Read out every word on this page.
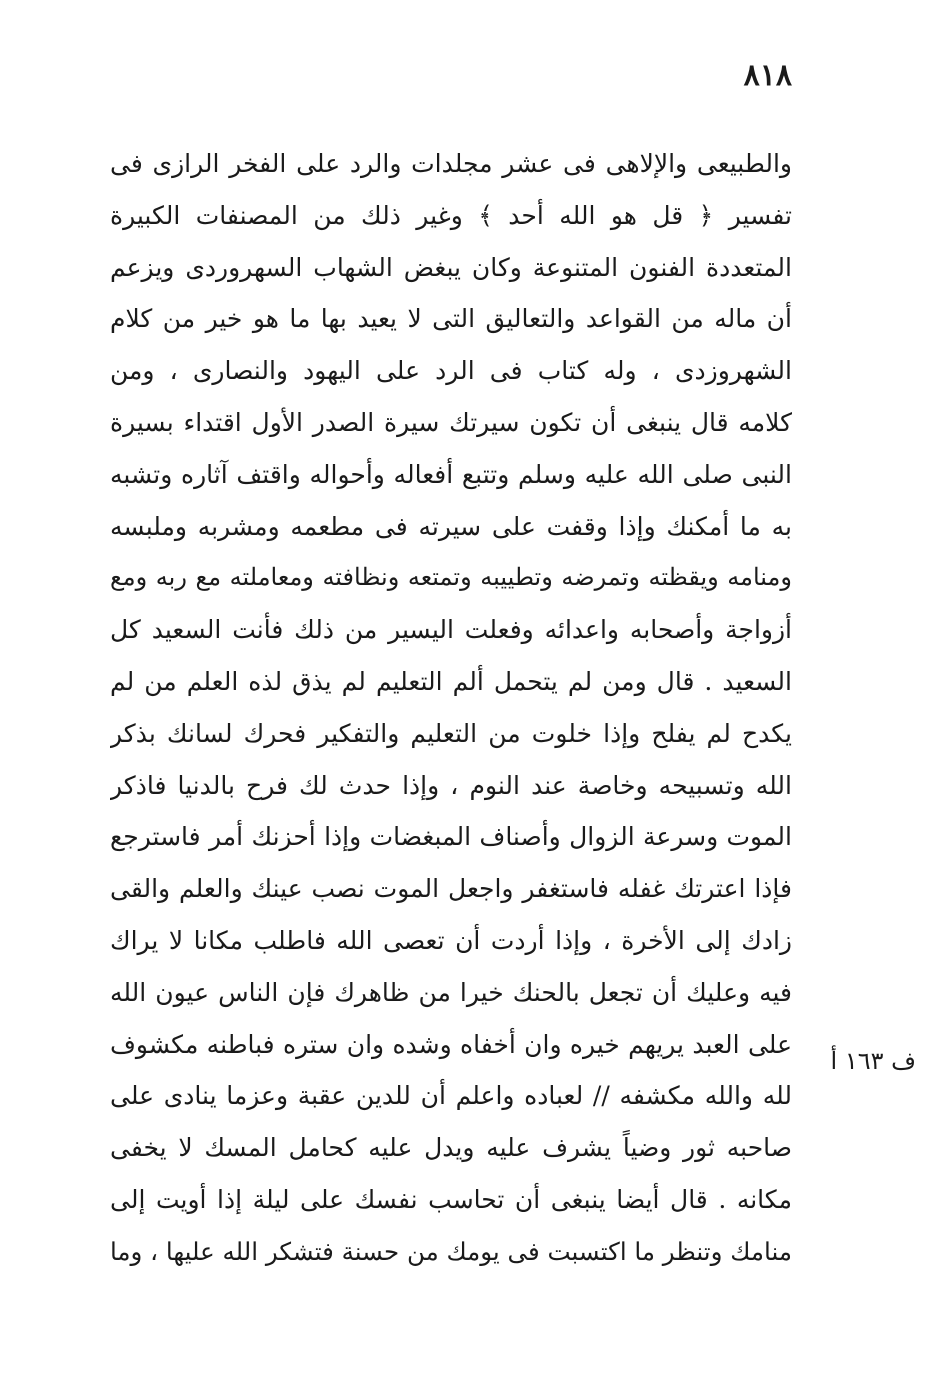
٨١٨
ف ١٦٣ أ
والطبيعى والإلاهى فى عشر مجلدات والرد على الفخر الرازى فى
تفسير ﴿ قل هو الله أحد ﴾ وغير ذلك من المصنفات الكبيرة
المتعددة الفنون المتنوعة وكان يبغض الشهاب السهروردى ويزعم
أن ماله من القواعد والتعاليق التى لا يعيد بها ما هو خير من كلام
الشهروزدى ، وله كتاب فى الرد على اليهود والنصارى ، ومن
كلامه قال ينبغى أن تكون سيرتك سيرة الصدر الأول اقتداء بسيرة
النبى صلى الله عليه وسلم وتتبع أفعاله وأحواله واقتف آثاره وتشبه
به ما أمكنك وإذا وقفت على سيرته فى مطعمه ومشربه وملبسه
ومنامه ويقظته وتمرضه وتطييبه وتمتعه ونظافته ومعاملته مع ربه ومع
أزواجة وأصحابه واعدائه وفعلت اليسير من ذلك فأنت السعيد كل
السعيد . قال ومن لم يتحمل ألم التعليم لم يذق لذه العلم من لم
يكدح لم يفلح وإذا خلوت من التعليم والتفكير فحرك لسانك بذكر
الله وتسبيحه وخاصة عند النوم ، وإذا حدث لك فرح بالدنيا فاذكر
الموت وسرعة الزوال وأصناف المبغضات وإذا أحزنك أمر فاسترجع
فإذا اعترتك غفله فاستغفر واجعل الموت نصب عينك والعلم والقى
زادك إلى الأخرة ، وإذا أردت أن تعصى الله فاطلب مكانا لا يراك
فيه وعليك أن تجعل بالحنك خيرا من ظاهرك فإن الناس عيون الله
على العبد يريهم خيره وان أخفاه وشده وان ستره فباطنه مكشوف
لله والله مكشفه // لعباده واعلم أن للدين عقبة وعزما ينادى على
صاحبه ثور وضياً يشرف عليه ويدل عليه كحامل المسك لا يخفى
مكانه . قال أيضا ينبغى أن تحاسب نفسك على ليلة إذا أويت إلى
منامك وتنظر ما اكتسبت فى يومك من حسنة فتشكر الله عليها ، وما
